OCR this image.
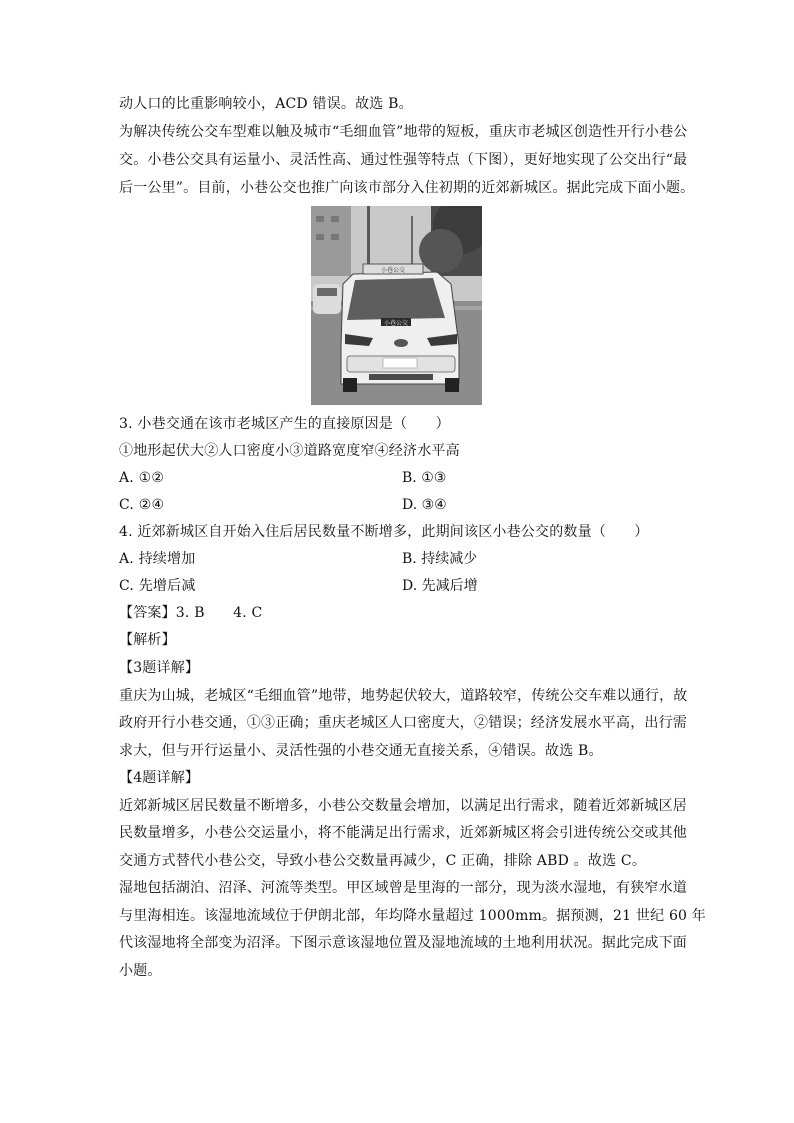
动人口的比重影响较小，ACD 错误。故选 B。
为解决传统公交车型难以触及城市“毛细血管”地带的短板，重庆市老城区创造性开行小巷公
交。小巷公交具有运量小、灵活性高、通过性强等特点（下图），更好地实现了公交出行“最
后一公里”。目前，小巷公交也推广向该市部分入住初期的近郊新城区。据此完成下面小题。
小巷公交
小巷公交
3. 小巷交通在该市老城区产生的直接原因是（　　）
①地形起伏大②人口密度小③道路宽度窄④经济水平高
A. ①②	B. ①③
C. ②④	D. ③④
4. 近郊新城区自开始入住后居民数量不断增多，此期间该区小巷公交的数量（　　）
A. 持续增加	B. 持续减少
C. 先增后减	D. 先减后增
【答案】3. B　　4. C
【解析】
【3题详解】
重庆为山城，老城区“毛细血管”地带，地势起伏较大，道路较窄，传统公交车难以通行，故
政府开行小巷交通，①③正确；重庆老城区人口密度大，②错误；经济发展水平高，出行需
求大，但与开行运量小、灵活性强的小巷交通无直接关系，④错误。故选 B。
【4题详解】
近郊新城区居民数量不断增多，小巷公交数量会增加，以满足出行需求，随着近郊新城区居
民数量增多，小巷公交运量小，将不能满足出行需求，近郊新城区将会引进传统公交或其他
交通方式替代小巷公交，导致小巷公交数量再减少，C 正确，排除 ABD 。故选 C。
湿地包括湖泊、沼泽、河流等类型。甲区域曾是里海的一部分，现为淡水湿地，有狭窄水道
与里海相连。该湿地流域位于伊朗北部，年均降水量超过 1000mm。据预测，21 世纪 60 年
代该湿地将全部变为沼泽。下图示意该湿地位置及湿地流域的土地利用状况。据此完成下面
小题。
